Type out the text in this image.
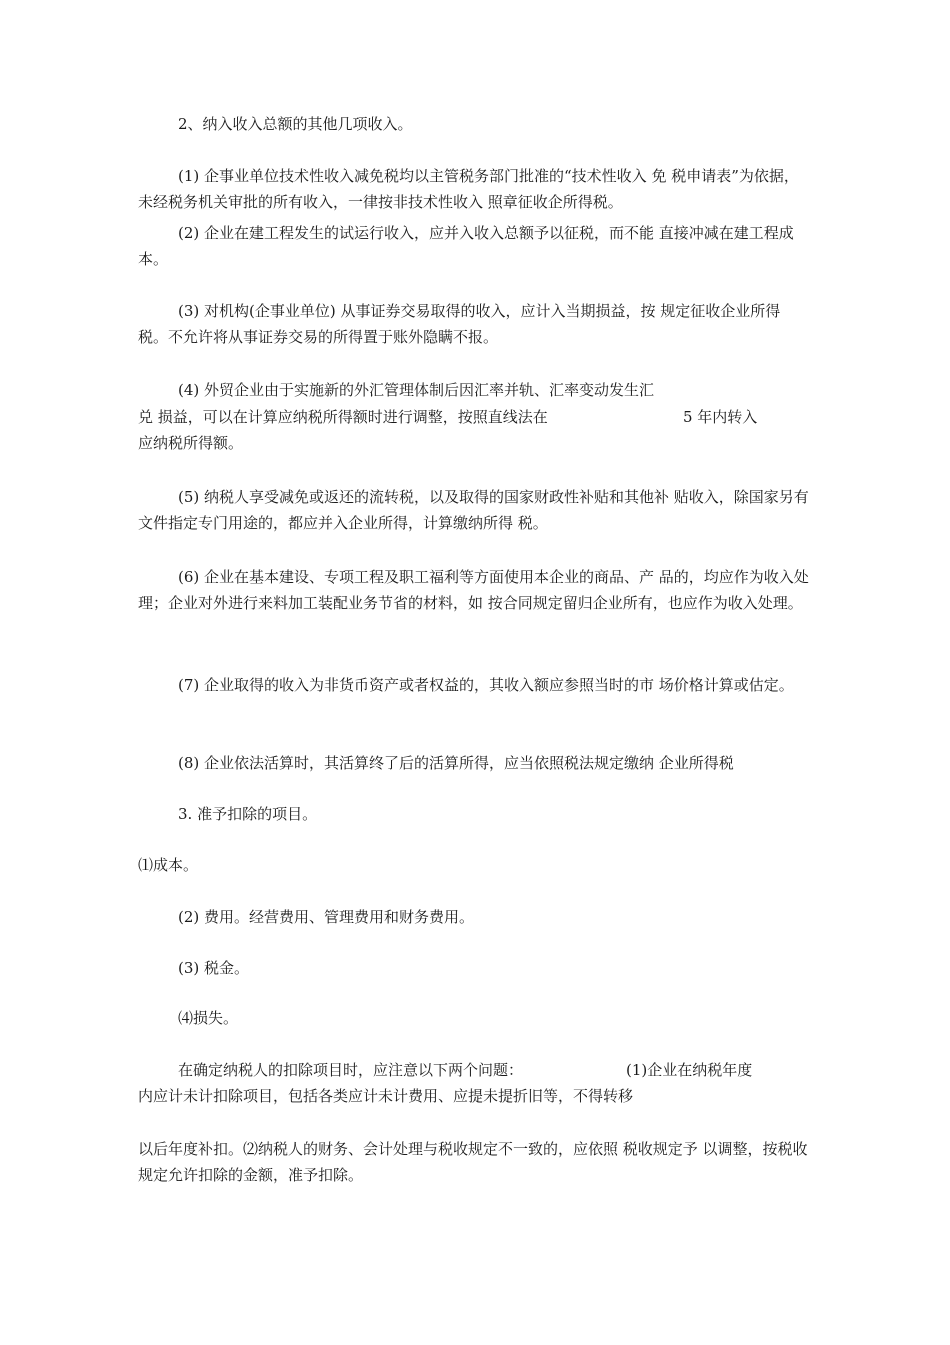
2、纳入收入总额的其他几项收入。

(1) 企事业单位技术性收入减免税均以主管税务部门批准的“技术性收入 免 税申请表”为依据，未经税务机关审批的所有收入，一律按非技术性收入 照章征收企所得税。

(2) 企业在建工程发生的试运行收入，应并入收入总额予以征税，而不能 直接冲减在建工程成本。

(3) 对机构(企事业单位) 从事证券交易取得的收入，应计入当期损益，按 规定征收企业所得税。不允许将从事证券交易的所得置于账外隐瞒不报。

(4) 外贸企业由于实施新的外汇管理体制后因汇率并轨、汇率变动发生汇

兑 损益，可以在计算应纳税所得额时进行调整，按照直线法在	5 年内转入

应纳税所得额。

(5) 纳税人享受减免或返还的流转税，以及取得的国家财政性补贴和其他补 贴收入，除国家另有文件指定专门用途的，都应并入企业所得，计算缴纳所得 税。

(6) 企业在基本建设、专项工程及职工福利等方面使用本企业的商品、产 品的，均应作为收入处理；企业对外进行来料加工装配业务节省的材料，如 按合同规定留归企业所有，也应作为收入处理。

(7) 企业取得的收入为非货币资产或者权益的，其收入额应参照当时的市 场价格计算或估定。

(8) 企业依法活算时，其活算终了后的活算所得，应当依照税法规定缴纳 企业所得税

3. 准予扣除的项目。

⑴成本。

(2) 费用。经营费用、管理费用和财务费用。

(3) 税金。

⑷损失。

在确定纳税人的扣除项目时，应注意以下两个问题：	(1)企业在纳税年度

内应计未计扣除项目，包括各类应计未计费用、应提未提折旧等，不得转移

以后年度补扣。⑵纳税人的财务、会计处理与税收规定不一致的，应依照 税收规定予 以调整，按税收规定允许扣除的金额，准予扣除。
